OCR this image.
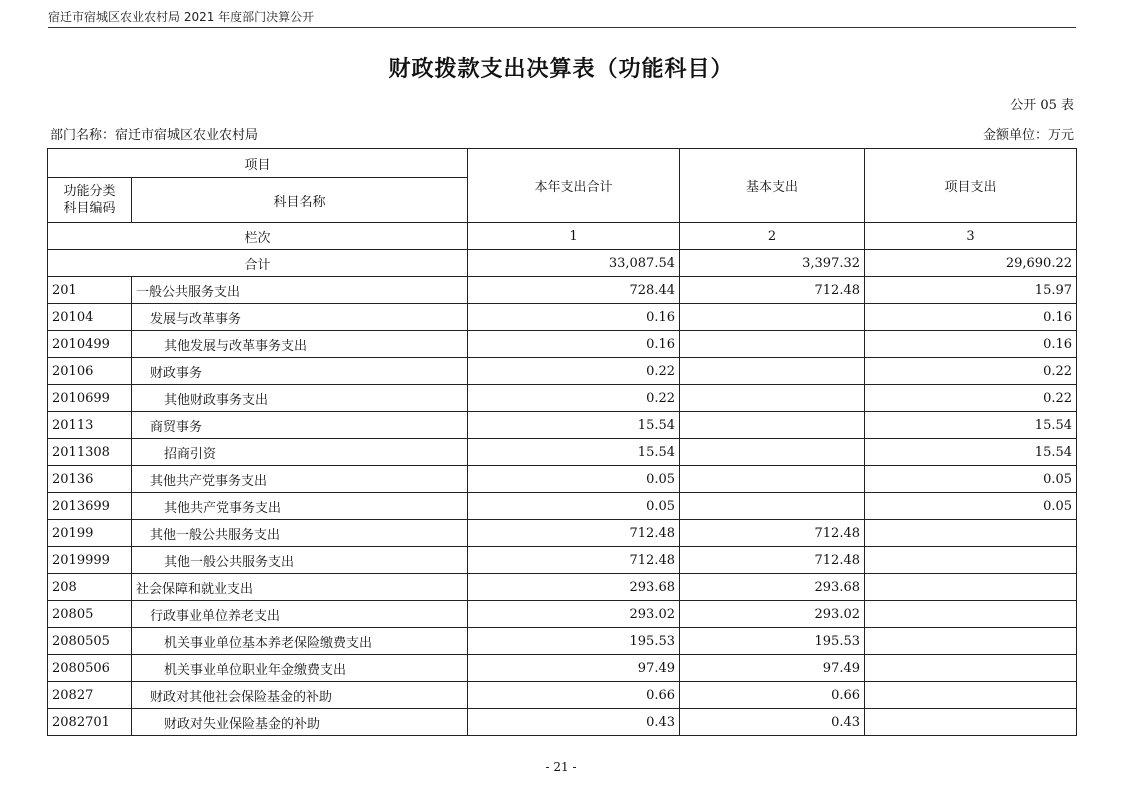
宿迁市宿城区农业农村局 2021 年度部门决算公开
财政拨款支出决算表（功能科目）
公开 05 表
部门名称：宿迁市宿城区农业农村局	金额单位：万元
项目		本年支出合计	基本支出	项目支出
功能分类
科目编码	科目名称			
栏次		1	2	3
合计		33,087.54	3,397.32	29,690.22
201	一般公共服务支出	728.44	712.48	15.97
20104	发展与改革事务	0.16		0.16
2010499	其他发展与改革事务支出	0.16		0.16
20106	财政事务	0.22		0.22
2010699	其他财政事务支出	0.22		0.22
20113	商贸事务	15.54		15.54
2011308	招商引资	15.54		15.54
20136	其他共产党事务支出	0.05		0.05
2013699	其他共产党事务支出	0.05		0.05
20199	其他一般公共服务支出	712.48	712.48	
2019999	其他一般公共服务支出	712.48	712.48	
208	社会保障和就业支出	293.68	293.68	
20805	行政事业单位养老支出	293.02	293.02	
2080505	机关事业单位基本养老保险缴费支出	195.53	195.53	
2080506	机关事业单位职业年金缴费支出	97.49	97.49	
20827	财政对其他社会保险基金的补助	0.66	0.66	
2082701	财政对失业保险基金的补助	0.43	0.43	
- 21 -
